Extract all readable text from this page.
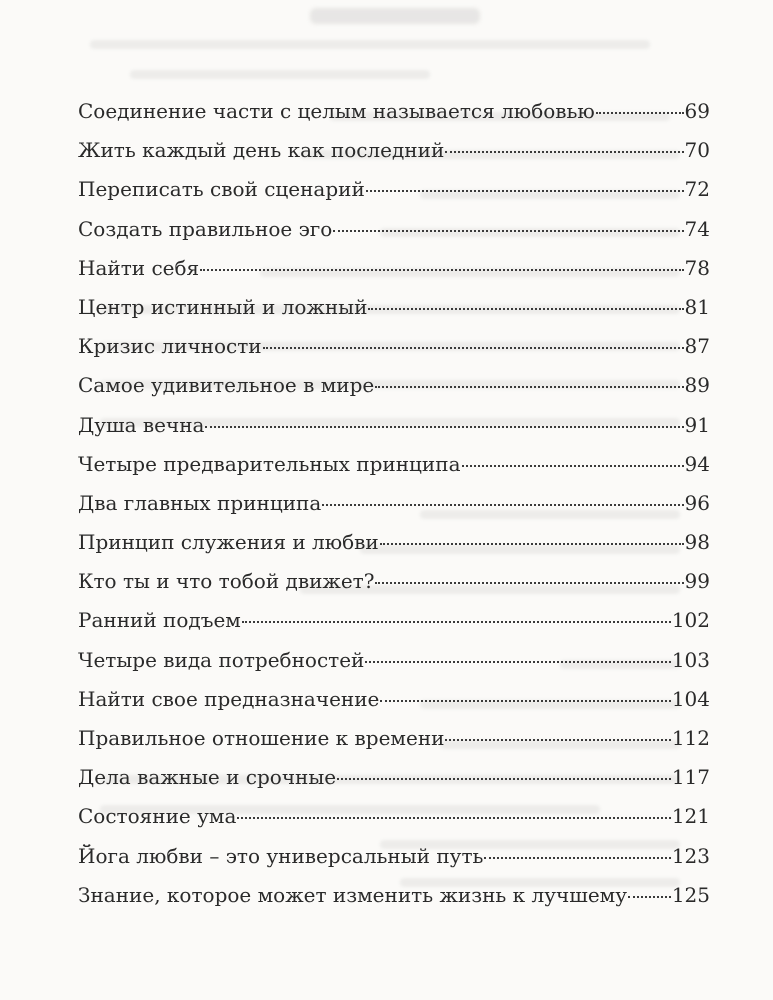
Соединение части с целым называется любовью	69
Жить каждый день как последний	70
Переписать свой сценарий	72
Создать правильное эго	74
Найти себя	78
Центр истинный и ложный	81
Кризис личности	87
Самое удивительное в мире	89
Душа вечна	91
Четыре предварительных принципа	94
Два главных принципа	96
Принцип служения и любви	98
Кто ты и что тобой движет?	99
Ранний подъем	102
Четыре вида потребностей	103
Найти свое предназначение	104
Правильное отношение к времени	112
Дела важные и срочные	117
Состояние ума	121
Йога любви – это универсальный путь	123
Знание, которое может изменить жизнь к лучшему 125
